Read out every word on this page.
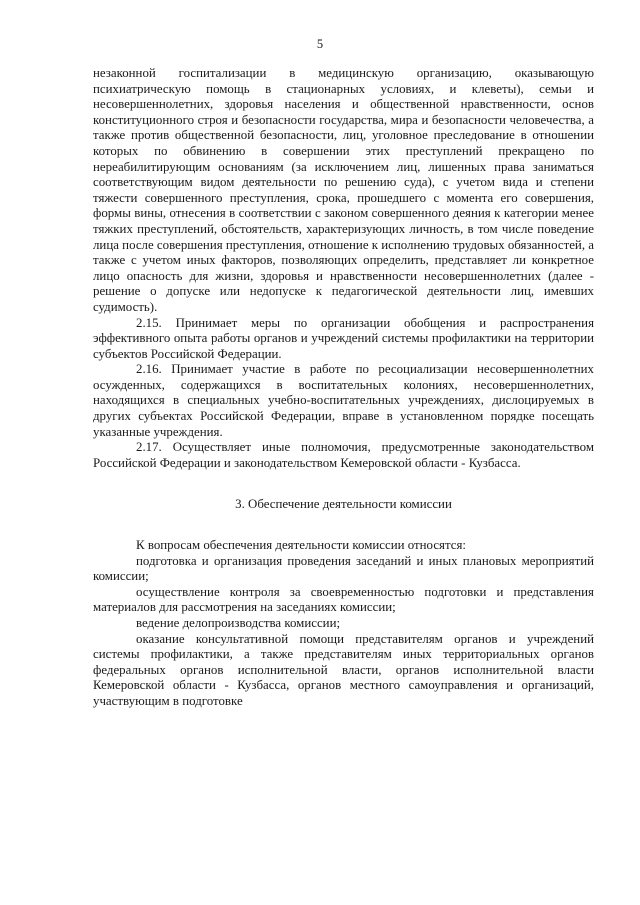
5

незаконной госпитализации в медицинскую организацию, оказывающую психиатрическую помощь в стационарных условиях, и клеветы), семьи и несовершеннолетних, здоровья населения и общественной нравственности, основ конституционного строя и безопасности государства, мира и безопасности человечества, а также против общественной безопасности, лиц, уголовное преследование в отношении которых по обвинению в совершении этих преступлений прекращено по нереабилитирующим основаниям (за исключением лиц, лишенных права заниматься соответствующим видом деятельности по решению суда), с учетом вида и степени тяжести совершенного преступления, срока, прошедшего с момента его совершения, формы вины, отнесения в соответствии с законом совершенного деяния к категории менее тяжких преступлений, обстоятельств, характеризующих личность, в том числе поведение лица после совершения преступления, отношение к исполнению трудовых обязанностей, а также с учетом иных факторов, позволяющих определить, представляет ли конкретное лицо опасность для жизни, здоровья и нравственности несовершеннолетних (далее - решение о допуске или недопуске к педагогической деятельности лиц, имевших судимость).

2.15. Принимает меры по организации обобщения и распространения эффективного опыта работы органов и учреждений системы профилактики на территории субъектов Российской Федерации.

2.16. Принимает участие в работе по ресоциализации несовершеннолетних осужденных, содержащихся в воспитательных колониях, несовершеннолетних, находящихся в специальных учебно-воспитательных учреждениях, дислоцируемых в других субъектах Российской Федерации, вправе в установленном порядке посещать указанные учреждения.

2.17. Осуществляет иные полномочия, предусмотренные законодательством Российской Федерации и законодательством Кемеровской области - Кузбасса.

3. Обеспечение деятельности комиссии

К вопросам обеспечения деятельности комиссии относятся:

подготовка и организация проведения заседаний и иных плановых мероприятий комиссии;

осуществление контроля за своевременностью подготовки и представления материалов для рассмотрения на заседаниях комиссии;

ведение делопроизводства комиссии;

оказание консультативной помощи представителям органов и учреждений системы профилактики, а также представителям иных территориальных органов федеральных органов исполнительной власти, органов исполнительной власти Кемеровской области - Кузбасса, органов местного самоуправления и организаций, участвующим в подготовке
